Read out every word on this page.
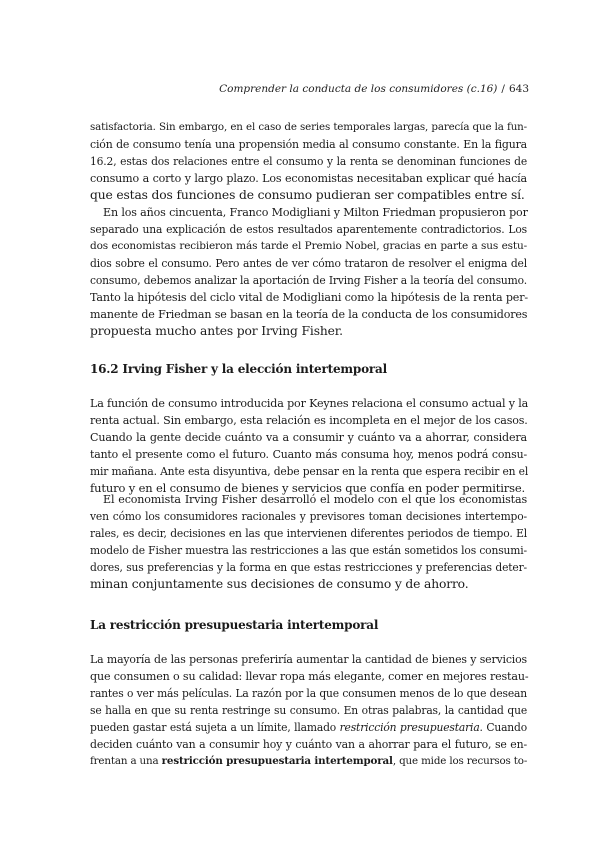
Comprender la conducta de los consumidores (c.16) / 643
satisfactoria. Sin embargo, en el caso de series temporales largas, parecía que la fun-
ción de consumo tenía una propensión media al consumo constante. En la figura
16.2, estas dos relaciones entre el consumo y la renta se denominan funciones de
consumo a corto y largo plazo. Los economistas necesitaban explicar qué hacía
que estas dos funciones de consumo pudieran ser compatibles entre sí.
En los años cincuenta, Franco Modigliani y Milton Friedman propusieron por
separado una explicación de estos resultados aparentemente contradictorios. Los
dos economistas recibieron más tarde el Premio Nobel, gracias en parte a sus estu-
dios sobre el consumo. Pero antes de ver cómo trataron de resolver el enigma del
consumo, debemos analizar la aportación de Irving Fisher a la teoría del consumo.
Tanto la hipótesis del ciclo vital de Modigliani como la hipótesis de la renta per-
manente de Friedman se basan en la teoría de la conducta de los consumidores
propuesta mucho antes por Irving Fisher.
16.2 Irving Fisher y la elección intertemporal
La función de consumo introducida por Keynes relaciona el consumo actual y la
renta actual. Sin embargo, esta relación es incompleta en el mejor de los casos.
Cuando la gente decide cuánto va a consumir y cuánto va a ahorrar, considera
tanto el presente como el futuro. Cuanto más consuma hoy, menos podrá consu-
mir mañana. Ante esta disyuntiva, debe pensar en la renta que espera recibir en el
futuro y en el consumo de bienes y servicios que confía en poder permitirse.
El economista Irving Fisher desarrolló el modelo con el que los economistas
ven cómo los consumidores racionales y previsores toman decisiones intertempo-
rales, es decir, decisiones en las que intervienen diferentes periodos de tiempo. El
modelo de Fisher muestra las restricciones a las que están sometidos los consumi-
dores, sus preferencias y la forma en que estas restricciones y preferencias deter-
minan conjuntamente sus decisiones de consumo y de ahorro.
La restricción presupuestaria intertemporal
La mayoría de las personas preferiría aumentar la cantidad de bienes y servicios
que consumen o su calidad: llevar ropa más elegante, comer en mejores restau-
rantes o ver más películas. La razón por la que consumen menos de lo que desean
se halla en que su renta restringe su consumo. En otras palabras, la cantidad que
pueden gastar está sujeta a un límite, llamado restricción presupuestaria. Cuando
deciden cuánto van a consumir hoy y cuánto van a ahorrar para el futuro, se en-
frentan a una restricción presupuestaria intertemporal, que mide los recursos to-
